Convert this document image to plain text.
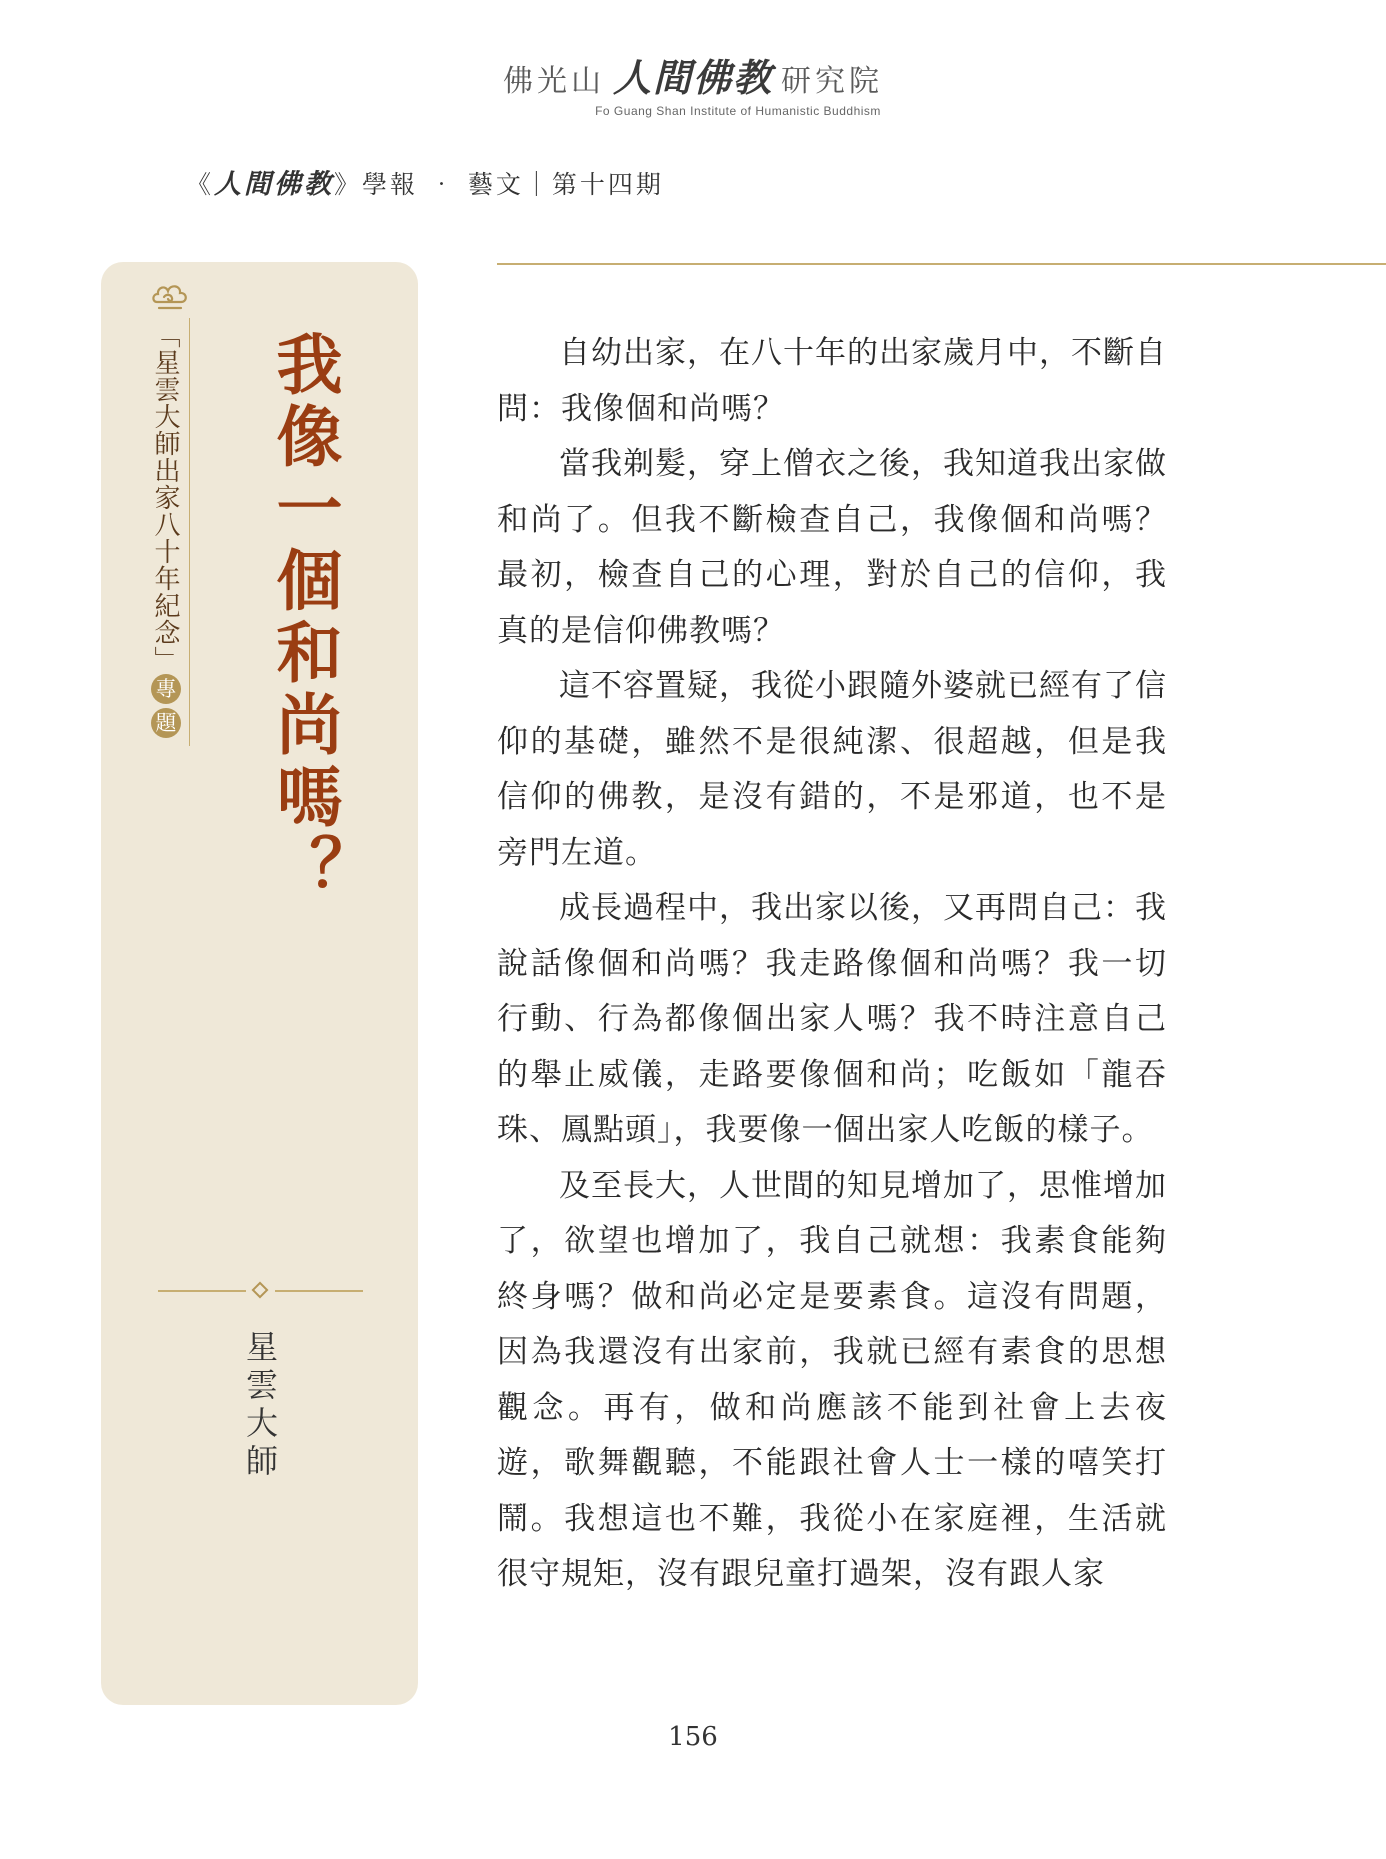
佛光山 人間佛教 研究院
Fo Guang Shan Institute of Humanistic Buddhism
《人間佛教》學報 ‧ 藝文｜第十四期
「星雲大師出家八十年紀念」
專
題 我像一個和尚嗎？
星雲大師

自幼出家，在八十年的出家歲月中，不斷自問：我像個和尚嗎？

當我剃髮，穿上僧衣之後，我知道我出家做和尚了。但我不斷檢查自己，我像個和尚嗎？最初，檢查自己的心理，對於自己的信仰，我真的是信仰佛教嗎？

這不容置疑，我從小跟隨外婆就已經有了信仰的基礎，雖然不是很純潔、很超越，但是我信仰的佛教，是沒有錯的，不是邪道，也不是旁門左道。

成長過程中，我出家以後，又再問自己：我說話像個和尚嗎？我走路像個和尚嗎？我一切行動、行為都像個出家人嗎？我不時注意自己的舉止威儀，走路要像個和尚；吃飯如「龍吞珠、鳳點頭」，我要像一個出家人吃飯的樣子。

及至長大，人世間的知見增加了，思惟增加了，欲望也增加了，我自己就想：我素食能夠終身嗎？做和尚必定是要素食。這沒有問題，因為我還沒有出家前，我就已經有素食的思想觀念。再有，做和尚應該不能到社會上去夜遊，歌舞觀聽，不能跟社會人士一樣的嘻笑打鬧。我想這也不難，我從小在家庭裡，生活就很守規矩，沒有跟兒童打過架，沒有跟人家

156
